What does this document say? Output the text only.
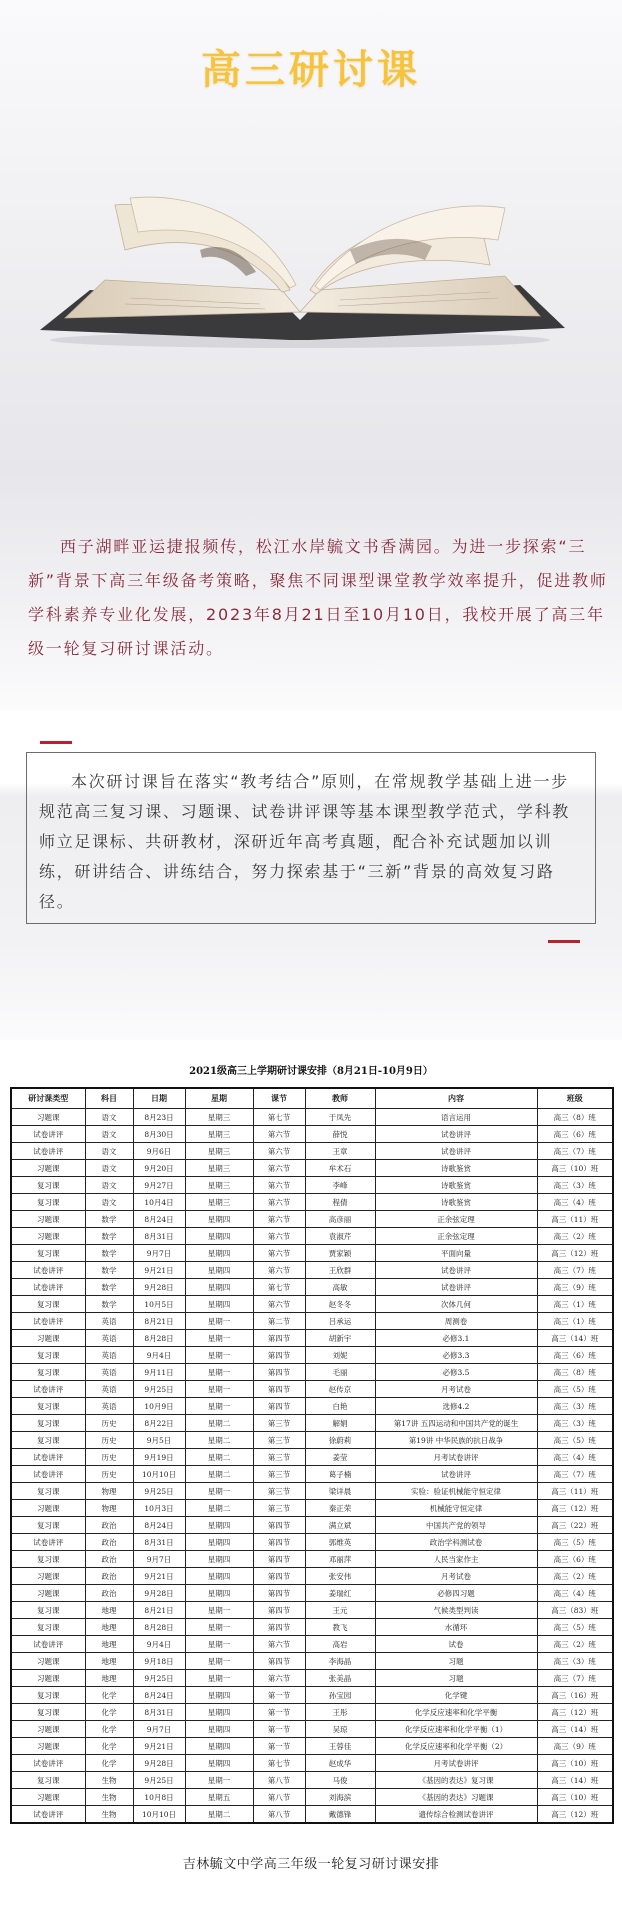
高三研讨课

西子湖畔亚运捷报频传，松江水岸毓文书香满园。为进一步探索“三新”背景下高三年级备考策略，聚焦不同课型课堂教学效率提升，促进教师学科素养专业化发展，2023年8月21日至10月10日，我校开展了高三年级一轮复习研讨课活动。

本次研讨课旨在落实“教考结合”原则，在常规教学基础上进一步规范高三复习课、习题课、试卷讲评课等基本课型教学范式，学科教师立足课标、共研教材，深研近年高考真题，配合补充试题加以训练，研讲结合、讲练结合，努力探索基于“三新”背景的高效复习路径。

2021级高三上学期研讨课安排（8月21日-10月9日）
研讨课类型	科目	日期	星期	课节	教师	内容	班级
习题课	语文	8月23日	星期三	第七节	于凤先	语言运用	高三（8）班
试卷讲评	语文	8月30日	星期三	第六节	薛悦	试卷讲评	高三（6）班
试卷讲评	语文	9月6日	星期三	第六节	王章	试卷讲评	高三（7）班
习题课	语文	9月20日	星期三	第六节	牟术石	诗歌鉴赏	高三（10）班
复习课	语文	9月27日	星期三	第六节	李峰	诗歌鉴赏	高三（3）班
复习课	语文	10月4日	星期三	第六节	程倩	诗歌鉴赏	高三（4）班
习题课	数学	8月24日	星期四	第六节	高彦丽	正余弦定理	高三（11）班
习题课	数学	8月31日	星期四	第六节	袁淑芹	正余弦定理	高三（2）班
复习课	数学	9月7日	星期四	第六节	贾家颖	平面向量	高三（12）班
试卷讲评	数学	9月21日	星期四	第六节	王欣群	试卷讲评	高三（7）班
试卷讲评	数学	9月28日	星期四	第七节	高敏	试卷讲评	高三（9）班
复习课	数学	10月5日	星期四	第六节	赵冬冬	次体几何	高三（1）班
试卷讲评	英语	8月21日	星期一	第二节	吕承运	周测卷	高三（1）班
习题课	英语	8月28日	星期一	第四节	胡新宇	必修3.1	高三（14）班
复习课	英语	9月4日	星期一	第四节	刘妮	必修3.3	高三（6）班
复习课	英语	9月11日	星期一	第四节	毛丽	必修3.5	高三（8）班
试卷讲评	英语	9月25日	星期一	第四节	赵传京	月考试卷	高三（5）班
复习课	英语	10月9日	星期一	第四节	白艳	选修4.2	高三（3）班
复习课	历史	8月22日	星期二	第三节	解娟	第17讲 五四运动和中国共产党的诞生	高三（3）班
复习课	历史	9月5日	星期二	第三节	徐蔚莉	第19讲 中华民族的抗日战争	高三（5）班
试卷讲评	历史	9月19日	星期二	第三节	姜莹	月考试卷讲评	高三（4）班
试卷讲评	历史	10月10日	星期二	第三节	葛子楠	试卷讲评	高三（7）班
复习课	物理	9月25日	星期一	第三节	梁详晨	实验：验证机械能守恒定律	高三（11）班
习题课	物理	10月3日	星期二	第三节	秦正荣	机械能守恒定律	高三（12）班
复习课	政治	8月24日	星期四	第四节	满立斌	中国共产党的领导	高三（22）班
试卷讲评	政治	8月31日	星期四	第四节	郭维英	政治学科测试卷	高三（5）班
复习课	政治	9月7日	星期四	第四节	邓丽萍	人民当家作主	高三（6）班
习题课	政治	9月21日	星期四	第四节	张安伟	月考试卷	高三（2）班
习题课	政治	9月28日	星期四	第四节	姜瑞红	必修四习题	高三（4）班
复习课	地理	8月21日	星期一	第四节	王元	气候类型判读	高三（83）班
复习课	地理	8月28日	星期一	第四节	教飞	水循环	高三（5）班
试卷讲评	地理	9月4日	星期一	第六节	高岩	试卷	高三（2）班
习题课	地理	9月18日	星期一	第四节	李海晶	习题	高三（3）班
习题课	地理	9月25日	星期一	第六节	张美晶	习题	高三（7）班
复习课	化学	8月24日	星期四	第一节	孙宝园	化学键	高三（16）班
复习课	化学	8月31日	星期四	第一节	王彤	化学反应速率和化学平衡	高三（12）班
习题课	化学	9月7日	星期四	第一节	吴琼	化学反应速率和化学平衡（1）	高三（14）班
习题课	化学	9月21日	星期四	第一节	王蓉佳	化学反应速率和化学平衡（2）	高三（9）班
试卷讲评	化学	9月28日	星期四	第七节	赵成华	月考试卷讲评	高三（10）班
复习课	生物	9月25日	星期一	第八节	马俊	《基因的表达》复习课	高三（14）班
习题课	生物	10月8日	星期五	第八节	刘海滨	《基因的表达》习题课	高三（10）班
试卷讲评	生物	10月10日	星期二	第八节	戴德锋	遗传综合检测试卷讲评	高三（12）班
吉林毓文中学高三年级一轮复习研讨课安排
